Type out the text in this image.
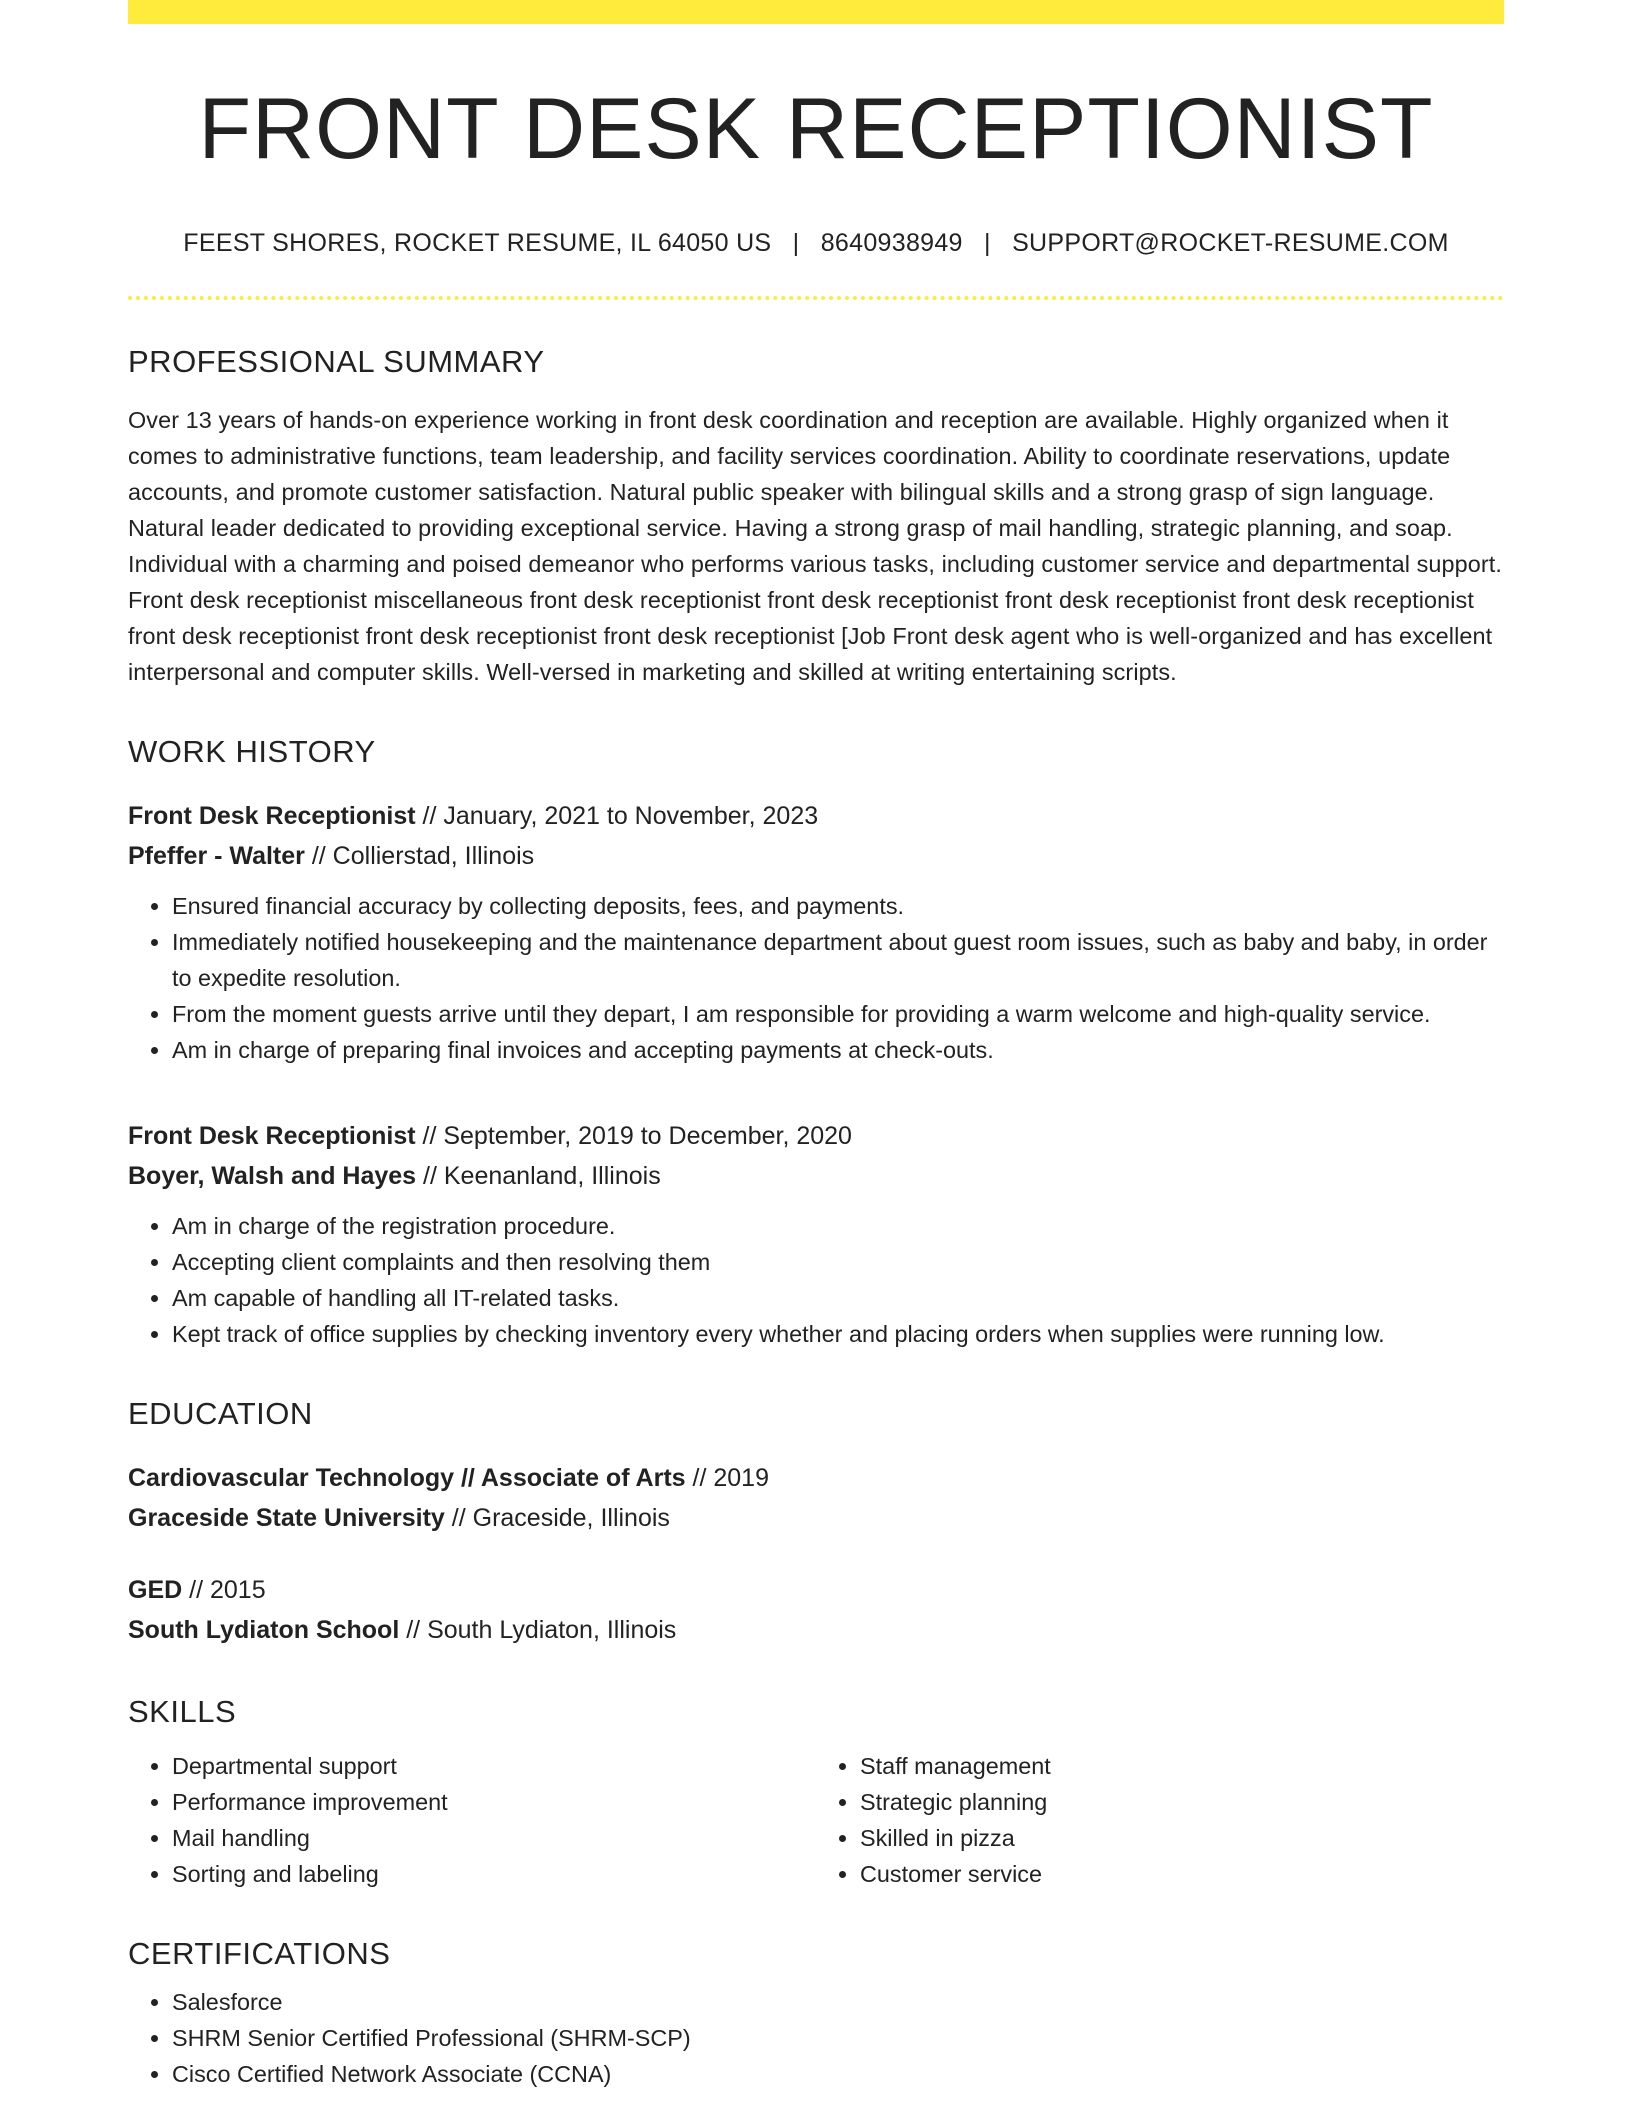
FRONT DESK RECEPTIONIST
FEEST SHORES, ROCKET RESUME, IL 64050 US | 8640938949 | SUPPORT@ROCKET-RESUME.COM
PROFESSIONAL SUMMARY
Over 13 years of hands-on experience working in front desk coordination and reception are available. Highly organized when it comes to administrative functions, team leadership, and facility services coordination. Ability to coordinate reservations, update accounts, and promote customer satisfaction. Natural public speaker with bilingual skills and a strong grasp of sign language. Natural leader dedicated to providing exceptional service. Having a strong grasp of mail handling, strategic planning, and soap. Individual with a charming and poised demeanor who performs various tasks, including customer service and departmental support. Front desk receptionist miscellaneous front desk receptionist front desk receptionist front desk receptionist front desk receptionist front desk receptionist front desk receptionist front desk receptionist [Job Front desk agent who is well-organized and has excellent interpersonal and computer skills. Well-versed in marketing and skilled at writing entertaining scripts.
WORK HISTORY
Front Desk Receptionist // January, 2021 to November, 2023
Pfeffer - Walter // Collierstad, Illinois
• Ensured financial accuracy by collecting deposits, fees, and payments.
• Immediately notified housekeeping and the maintenance department about guest room issues, such as baby and baby, in order to expedite resolution.
• From the moment guests arrive until they depart, I am responsible for providing a warm welcome and high-quality service.
• Am in charge of preparing final invoices and accepting payments at check-outs.
Front Desk Receptionist // September, 2019 to December, 2020
Boyer, Walsh and Hayes // Keenanland, Illinois
• Am in charge of the registration procedure.
• Accepting client complaints and then resolving them
• Am capable of handling all IT-related tasks.
• Kept track of office supplies by checking inventory every whether and placing orders when supplies were running low.
EDUCATION
Cardiovascular Technology // Associate of Arts // 2019
Graceside State University // Graceside, Illinois
GED // 2015
South Lydiaton School // South Lydiaton, Illinois
SKILLS
• Departmental support
• Performance improvement
• Mail handling
• Sorting and labeling
• Staff management
• Strategic planning
• Skilled in pizza
• Customer service
CERTIFICATIONS
• Salesforce
• SHRM Senior Certified Professional (SHRM-SCP)
• Cisco Certified Network Associate (CCNA)
